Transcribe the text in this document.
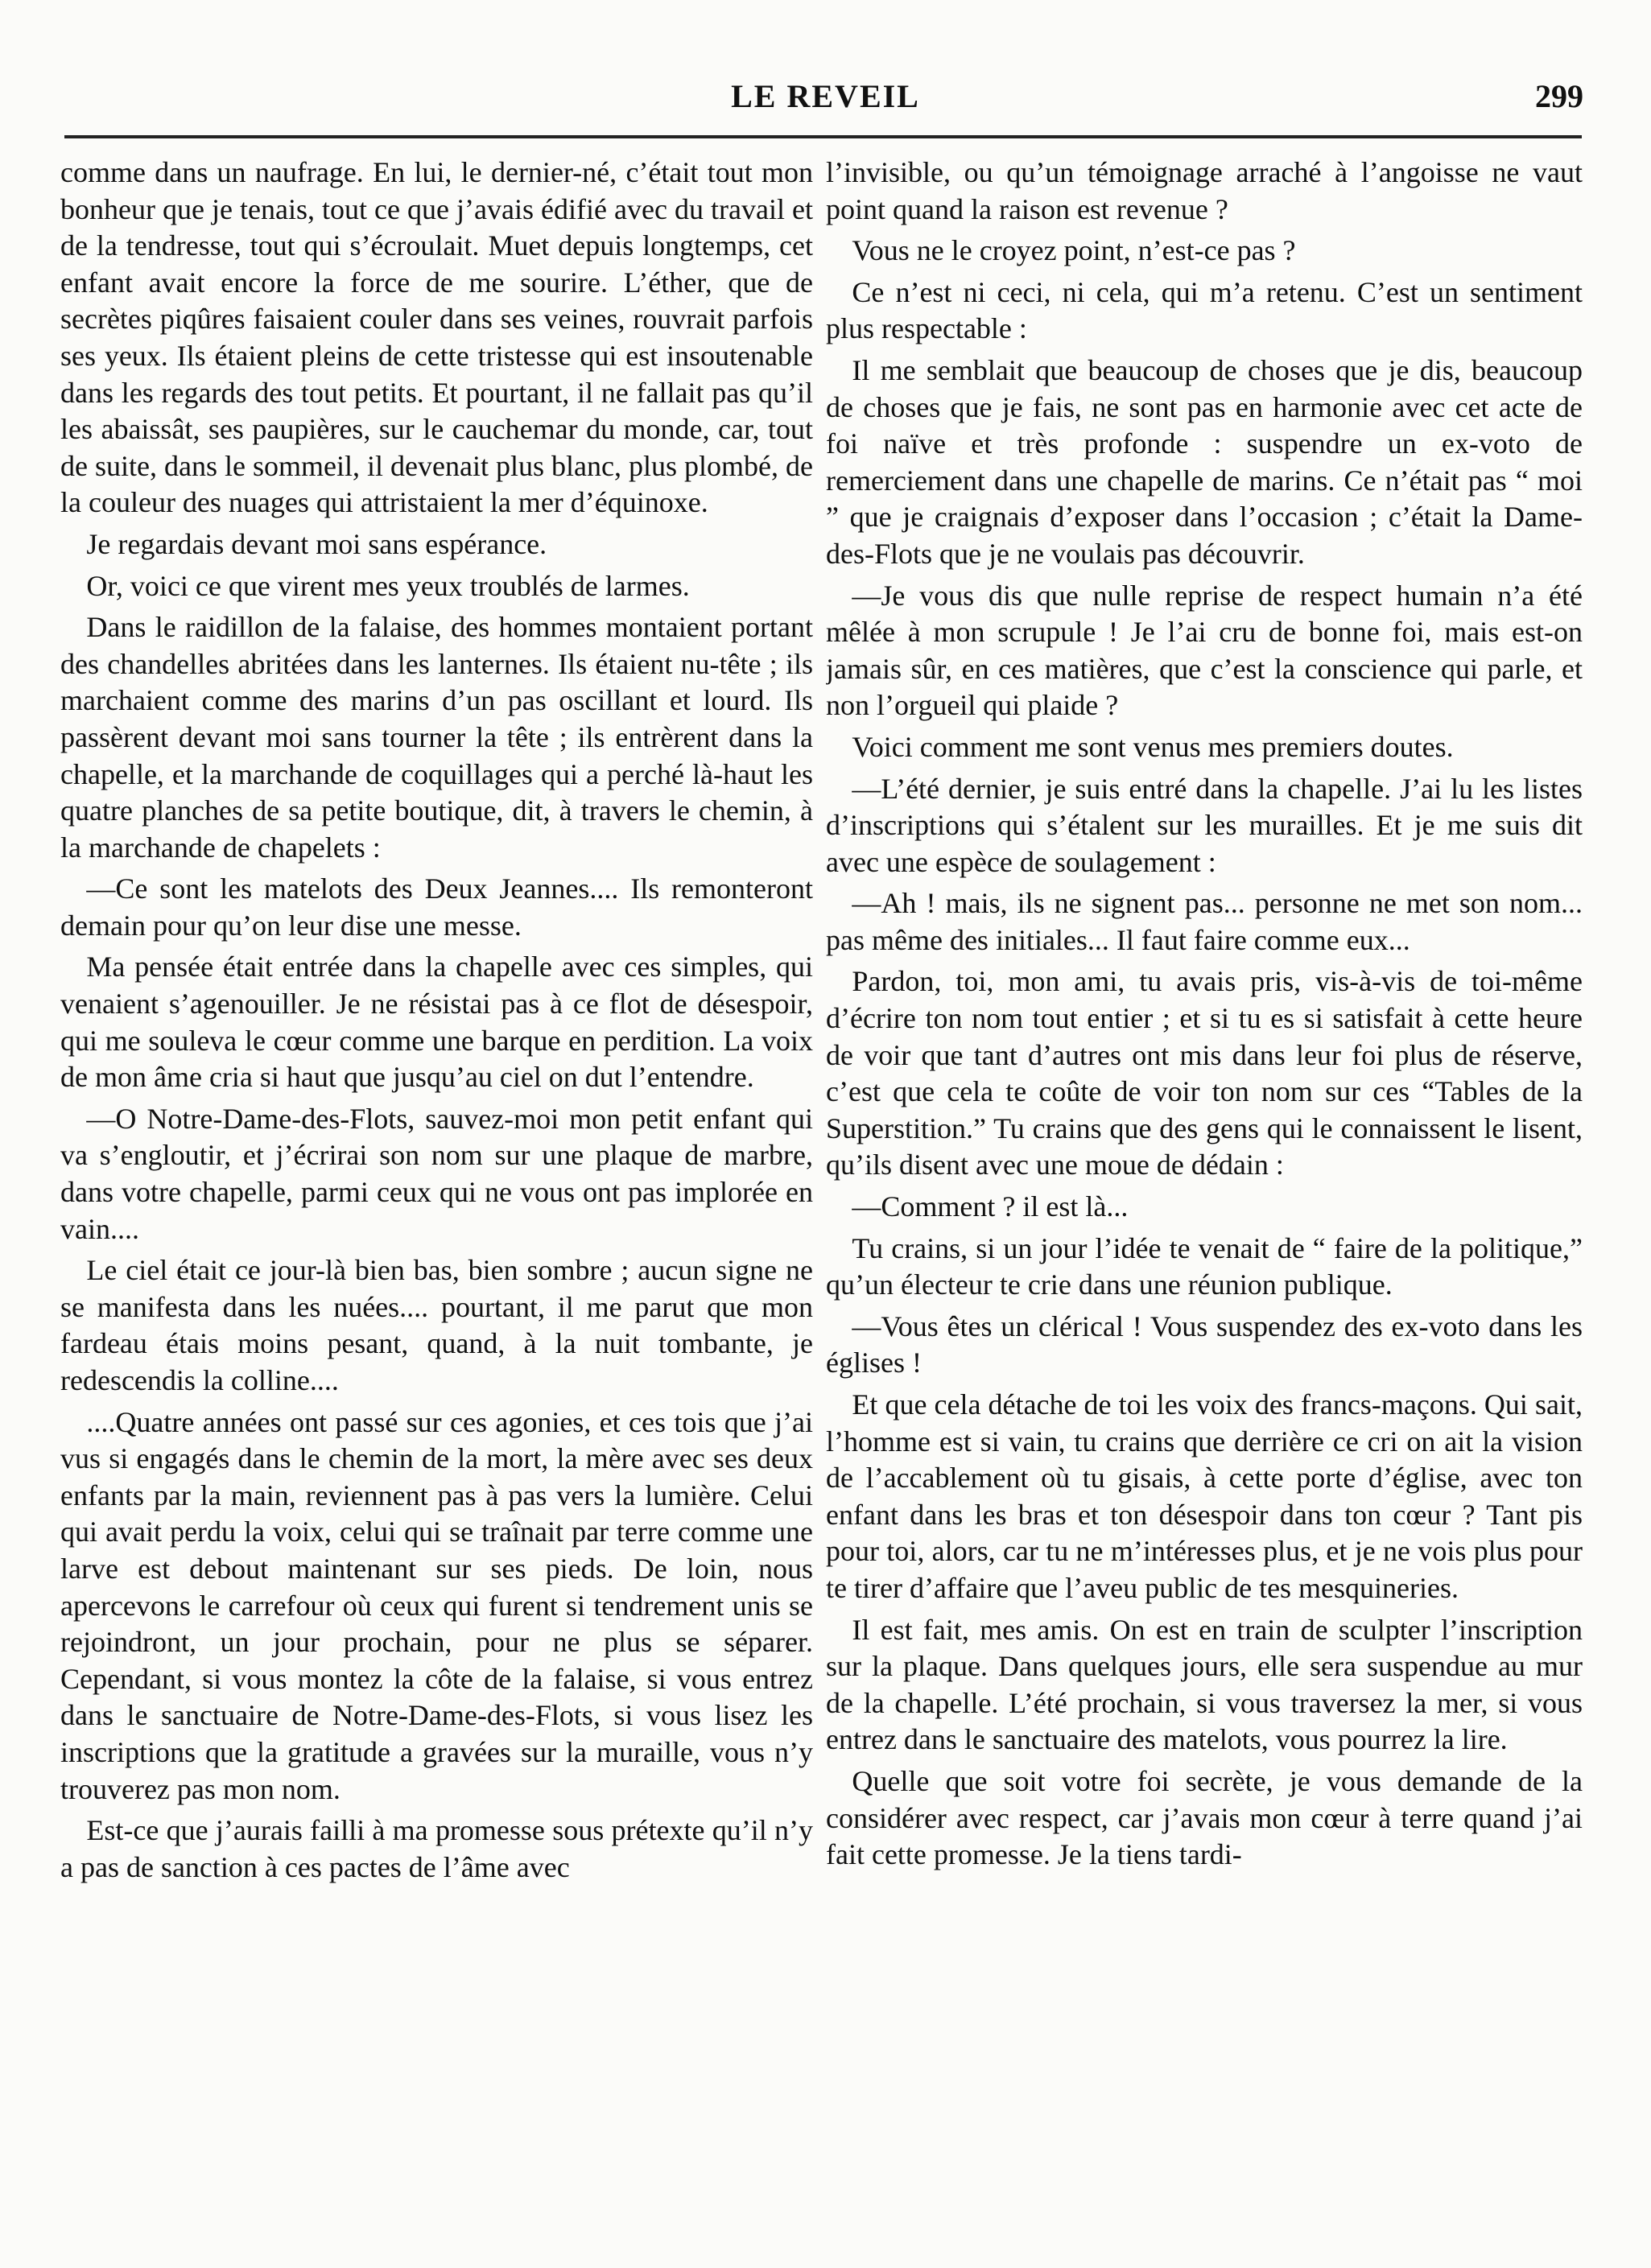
LE REVEIL	299

comme dans un naufrage. En lui, le dernier-né, c’était tout mon bonheur que je tenais, tout ce que j’avais édifié avec du travail et de la tendresse, tout qui s’écroulait. Muet depuis longtemps, cet enfant avait encore la force de me sourire. L’éther, que de secrètes piqûres faisaient couler dans ses veines, rouvrait parfois ses yeux. Ils étaient pleins de cette tristesse qui est insoutenable dans les regards des tout petits. Et pourtant, il ne fallait pas qu’il les abaissât, ses paupières, sur le cauchemar du monde, car, tout de suite, dans le sommeil, il devenait plus blanc, plus plombé, de la couleur des nuages qui attristaient la mer d’équinoxe.

Je regardais devant moi sans espérance.

Or, voici ce que virent mes yeux troublés de larmes.

Dans le raidillon de la falaise, des hommes montaient portant des chandelles abritées dans les lanternes. Ils étaient nu-tête ; ils marchaient comme des marins d’un pas oscillant et lourd. Ils passèrent devant moi sans tourner la tête ; ils entrèrent dans la chapelle, et la marchande de coquillages qui a perché là-haut les quatre planches de sa petite boutique, dit, à travers le chemin, à la marchande de chapelets :

—Ce sont les matelots des Deux Jeannes.... Ils remonteront demain pour qu’on leur dise une messe.

Ma pensée était entrée dans la chapelle avec ces simples, qui venaient s’agenouiller. Je ne résistai pas à ce flot de désespoir, qui me souleva le cœur comme une barque en perdition. La voix de mon âme cria si haut que jusqu’au ciel on dut l’entendre.

—O Notre-Dame-des-Flots, sauvez-moi mon petit enfant qui va s’engloutir, et j’écrirai son nom sur une plaque de marbre, dans votre chapelle, parmi ceux qui ne vous ont pas implorée en vain....

Le ciel était ce jour-là bien bas, bien sombre ; aucun signe ne se manifesta dans les nuées.... pourtant, il me parut que mon fardeau étais moins pesant, quand, à la nuit tombante, je redescendis la colline....

....Quatre années ont passé sur ces agonies, et ces tois que j’ai vus si engagés dans le chemin de la mort, la mère avec ses deux enfants par la main, reviennent pas à pas vers la lumière. Celui qui avait perdu la voix, celui qui se traînait par terre comme une larve est debout maintenant sur ses pieds. De loin, nous apercevons le carrefour où ceux qui furent si tendrement unis se rejoindront, un jour prochain, pour ne plus se séparer. Cependant, si vous montez la côte de la falaise, si vous entrez dans le sanctuaire de Notre-Dame-des-Flots, si vous lisez les inscriptions que la gratitude a gravées sur la muraille, vous n’y trouverez pas mon nom.

Est-ce que j’aurais failli à ma promesse sous prétexte qu’il n’y a pas de sanction à ces pactes de l’âme avec

l’invisible, ou qu’un témoignage arraché à l’angoisse ne vaut point quand la raison est revenue ?

Vous ne le croyez point, n’est-ce pas ?

Ce n’est ni ceci, ni cela, qui m’a retenu. C’est un sentiment plus respectable :

Il me semblait que beaucoup de choses que je dis, beaucoup de choses que je fais, ne sont pas en harmonie avec cet acte de foi naïve et très profonde : suspendre un ex-voto de remerciement dans une chapelle de marins. Ce n’était pas “ moi ” que je craignais d’exposer dans l’occasion ; c’était la Dame-des-Flots que je ne voulais pas découvrir.

—Je vous dis que nulle reprise de respect humain n’a été mêlée à mon scrupule ! Je l’ai cru de bonne foi, mais est-on jamais sûr, en ces matières, que c’est la conscience qui parle, et non l’orgueil qui plaide ?

Voici comment me sont venus mes premiers doutes.

—L’été dernier, je suis entré dans la chapelle. J’ai lu les listes d’inscriptions qui s’étalent sur les murailles. Et je me suis dit avec une espèce de soulagement :

—Ah ! mais, ils ne signent pas... personne ne met son nom... pas même des initiales... Il faut faire comme eux...

Pardon, toi, mon ami, tu avais pris, vis-à-vis de toi-même d’écrire ton nom tout entier ; et si tu es si satisfait à cette heure de voir que tant d’autres ont mis dans leur foi plus de réserve, c’est que cela te coûte de voir ton nom sur ces “Tables de la Superstition.” Tu crains que des gens qui le connaissent le lisent, qu’ils disent avec une moue de dédain :

—Comment ? il est là...

Tu crains, si un jour l’idée te venait de “ faire de la politique,” qu’un électeur te crie dans une réunion publique.

—Vous êtes un clérical ! Vous suspendez des ex-voto dans les églises !

Et que cela détache de toi les voix des francs-maçons. Qui sait, l’homme est si vain, tu crains que derrière ce cri on ait la vision de l’accablement où tu gisais, à cette porte d’église, avec ton enfant dans les bras et ton désespoir dans ton cœur ? Tant pis pour toi, alors, car tu ne m’intéresses plus, et je ne vois plus pour te tirer d’affaire que l’aveu public de tes mesquineries.

Il est fait, mes amis. On est en train de sculpter l’inscription sur la plaque. Dans quelques jours, elle sera suspendue au mur de la chapelle. L’été prochain, si vous traversez la mer, si vous entrez dans le sanctuaire des matelots, vous pourrez la lire.

Quelle que soit votre foi secrète, je vous demande de la considérer avec respect, car j’avais mon cœur à terre quand j’ai fait cette promesse. Je la tiens tardi-
